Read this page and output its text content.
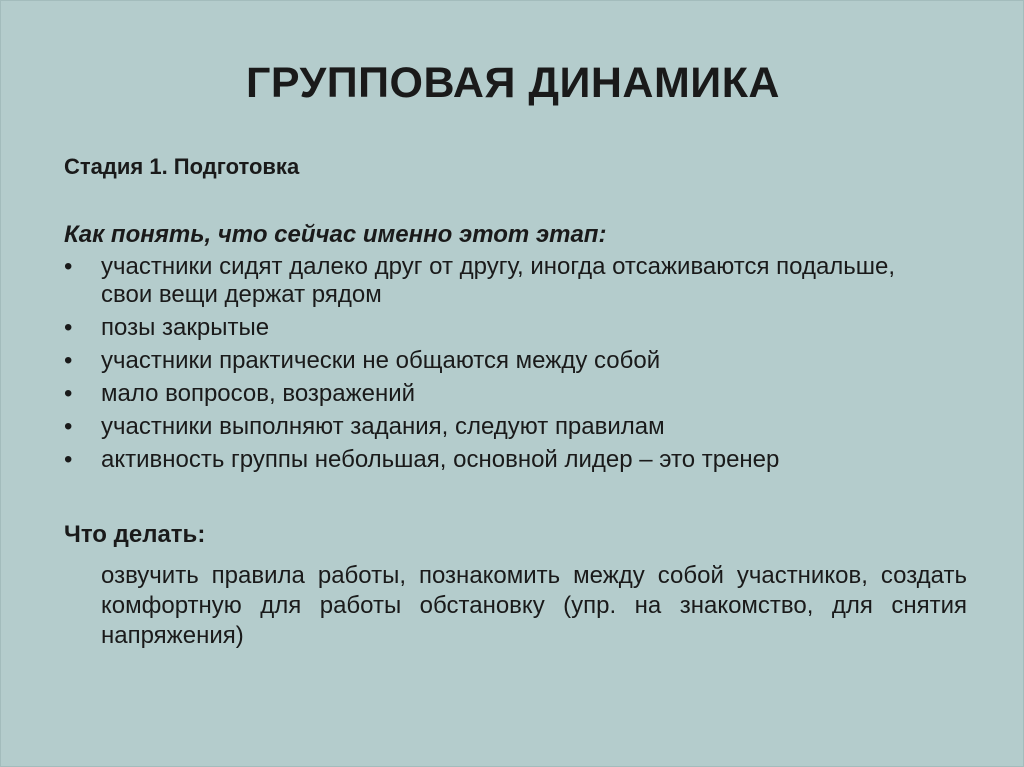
ГРУППОВАЯ ДИНАМИКА
Стадия 1. Подготовка
Как понять, что сейчас именно этот этап:
•	участники сидят далеко друг от другу, иногда отсаживаются подальше, свои вещи держат рядом
•	позы закрытые
•	участники практически не общаются между собой
•	мало вопросов, возражений
•	участники выполняют задания, следуют правилам
•	активность группы небольшая, основной лидер – это тренер
Что делать:
озвучить правила работы, познакомить между собой участников, создать комфортную для работы обстановку (упр. на знакомство, для снятия напряжения)
